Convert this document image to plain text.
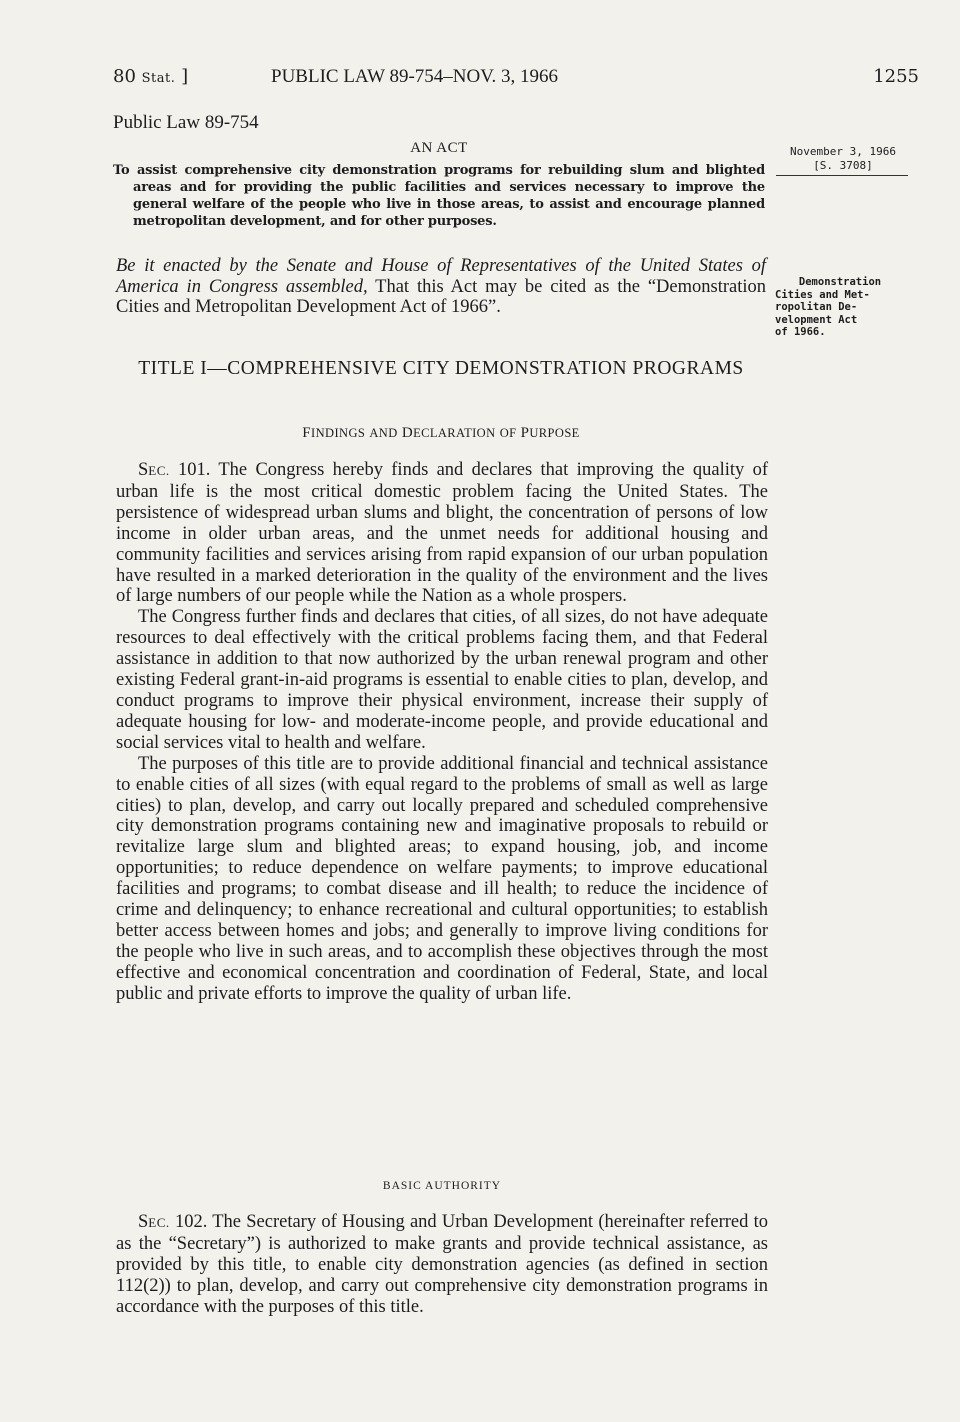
80 Stat. ]	PUBLIC LAW 89-754–NOV. 3, 1966	1255
Public Law 89-754
AN ACT
To assist comprehensive city demonstration programs for rebuilding slum and blighted areas and for providing the public facilities and services necessary to improve the general welfare of the people who live in those areas, to assist and encourage planned metropolitan development, and for other purposes.
November 3, 1966
[S. 3708]
Demonstration
Cities and Met-
ropolitan De-
velopment Act
of 1966.
Be it enacted by the Senate and House of Representatives of the United States of America in Congress assembled, That this Act may be cited as the “Demonstration Cities and Metropolitan Development Act of 1966”.
TITLE I—COMPREHENSIVE CITY DEMONSTRATION PROGRAMS
FINDINGS AND DECLARATION OF PURPOSE

SEC. 101. The Congress hereby finds and declares that improving the quality of urban life is the most critical domestic problem facing the United States. The persistence of widespread urban slums and blight, the concentration of persons of low income in older urban areas, and the unmet needs for additional housing and community facilities and services arising from rapid expansion of our urban population have resulted in a marked deterioration in the quality of the environment and the lives of large numbers of our people while the Nation as a whole prospers.

The Congress further finds and declares that cities, of all sizes, do not have adequate resources to deal effectively with the critical problems facing them, and that Federal assistance in addition to that now authorized by the urban renewal program and other existing Federal grant-in-aid programs is essential to enable cities to plan, develop, and conduct programs to improve their physical environment, increase their supply of adequate housing for low- and moderate-income people, and provide educational and social services vital to health and welfare.

The purposes of this title are to provide additional financial and technical assistance to enable cities of all sizes (with equal regard to the problems of small as well as large cities) to plan, develop, and carry out locally prepared and scheduled comprehensive city demonstration programs containing new and imaginative proposals to rebuild or revitalize large slum and blighted areas; to expand housing, job, and income opportunities; to reduce dependence on welfare payments; to improve educational facilities and programs; to combat disease and ill health; to reduce the incidence of crime and delinquency; to enhance recreational and cultural opportunities; to establish better access between homes and jobs; and generally to improve living conditions for the people who live in such areas, and to accomplish these objectives through the most effective and economical concentration and coordination of Federal, State, and local public and private efforts to improve the quality of urban life.

BASIC AUTHORITY

SEC. 102. The Secretary of Housing and Urban Development (hereinafter referred to as the “Secretary”) is authorized to make grants and provide technical assistance, as provided by this title, to enable city demonstration agencies (as defined in section 112(2)) to plan, develop, and carry out comprehensive city demonstration programs in accordance with the purposes of this title.
